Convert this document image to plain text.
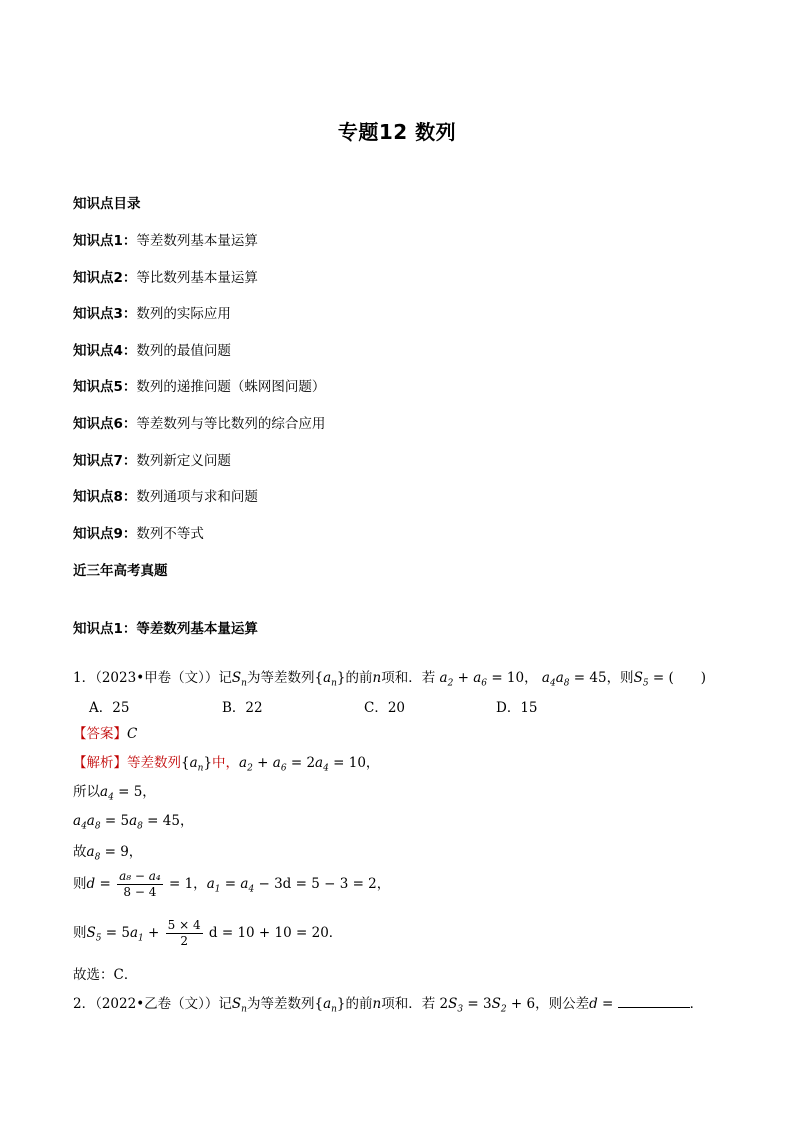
专题12 数列
知识点目录
知识点1：等差数列基本量运算
知识点2：等比数列基本量运算
知识点3：数列的实际应用
知识点4：数列的最值问题
知识点5：数列的递推问题（蛛网图问题）
知识点6：等差数列与等比数列的综合应用
知识点7：数列新定义问题
知识点8：数列通项与求和问题
知识点9：数列不等式
近三年高考真题
知识点1：等差数列基本量运算
1．（2023•甲卷（文））记$S_n$为等差数列$\{a_n\}$的前n项和．若 $a_2 + a_6 = 10$， $a_4a_8 = 45$，则$S_5$ = (　　)
A．25	B．22	C．20	D．15
【答案】C
【解析】等差数列$\{a_n\}$中，$a_2 + a_6 = 2a_4 = 10$，
所以$a_4 = 5$，
$a_4a_8 = 5a_8 = 45$，
故$a_8 = 9$，
则$d = \frac{\text{a₈ − a₄}}{8 - 4} = 1$，$a_1 = a_4 - 3d = 5 - 3 = 2$，
则$S_5 = 5a_1 + \frac{5 \times 4}{2}$ d = 10 + 10 = 20．
故选：C．
2．（2022•乙卷（文））记$S_n$为等差数列$\{a_n\}$的前n项和．若 $2S_3 = 3S_2 + 6$，则公差d =	．
